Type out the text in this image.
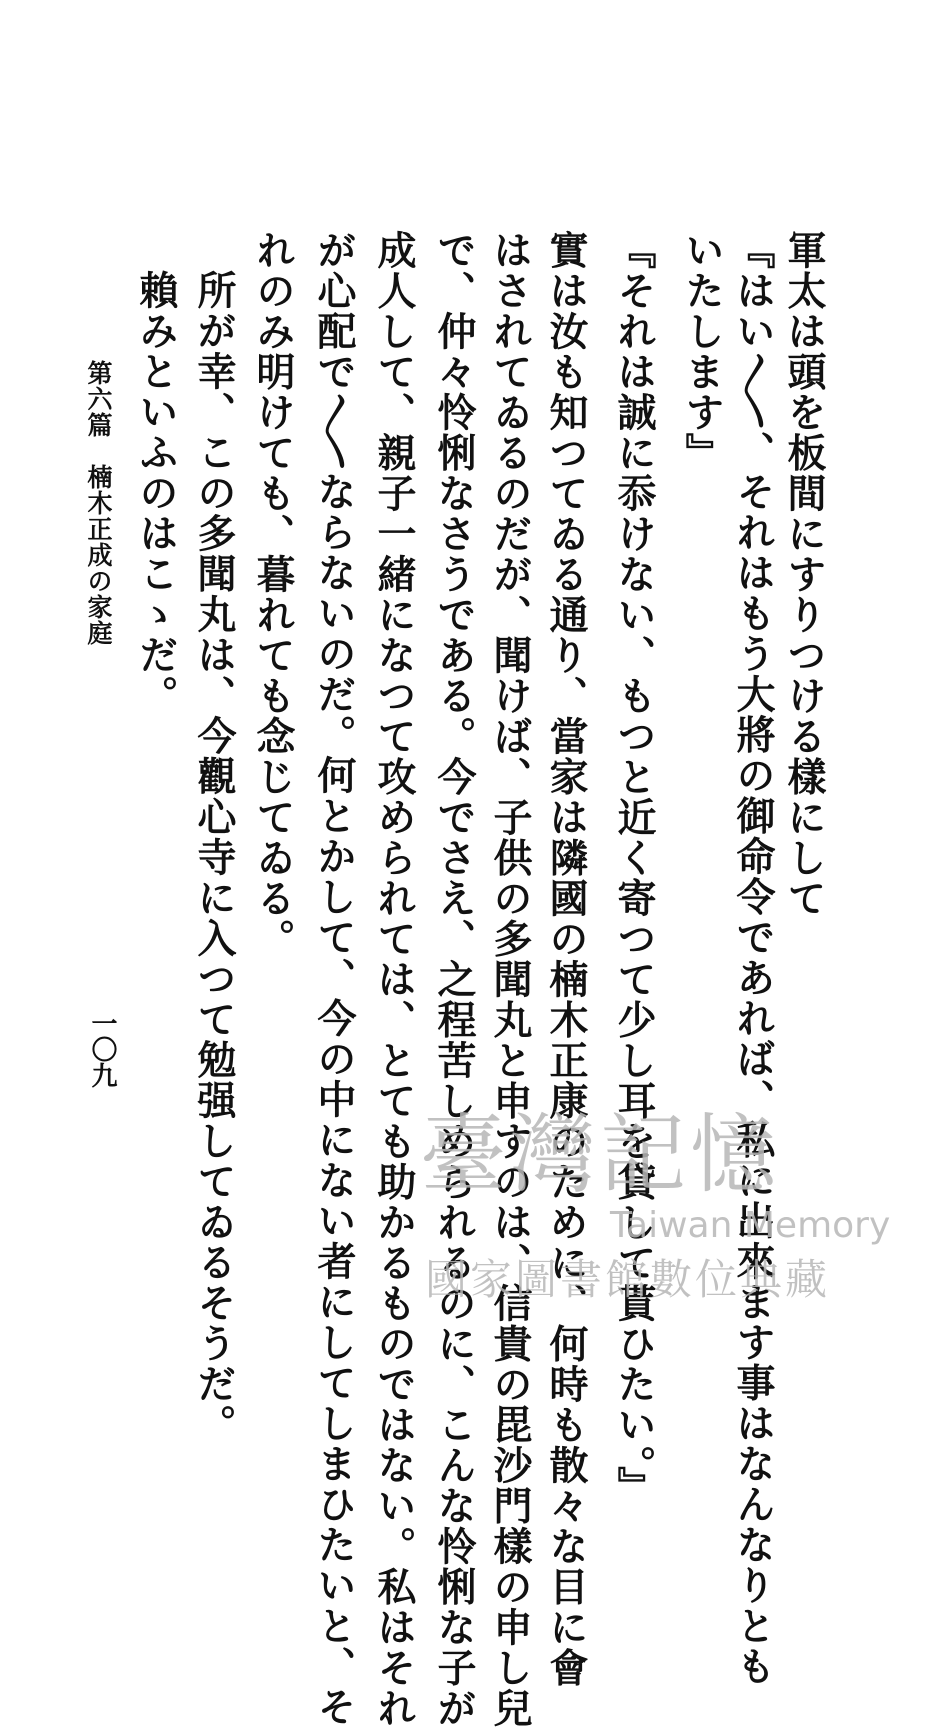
軍太は頭を板間にすりつける樣にして
『はい〳〵、それはもう大將の御命令であれば、私に出來ます事はなんなりとも
いたします』
『それは誠に忝けない、もつと近く寄つて少し耳を貸して貰ひたい。』
實は汝も知つてゐる通り、當家は隣國の楠木正康のために、何時も散々な目に會
はされてゐるのだが、聞けば、子供の多聞丸と申すのは、信貴の毘沙門樣の申し兒
で、仲々怜悧なさうである。今でさえ、之程苦しめられるのに、こんな怜悧な子が
成人して、親子一緒になつて攻められては、とても助かるものではない。私はそれ
が心配で〳〵ならないのだ。何とかして、今の中にない者にしてしまひたいと、そ
れのみ明けても、暮れても念じてゐる。
所が幸、この多聞丸は、今觀心寺に入つて勉强してゐるそうだ。
賴みといふのはこゝだ。
第六篇　楠木正成の家庭
一〇九
臺灣記憶
Taiwan Memory
國家圖書館數位典藏
